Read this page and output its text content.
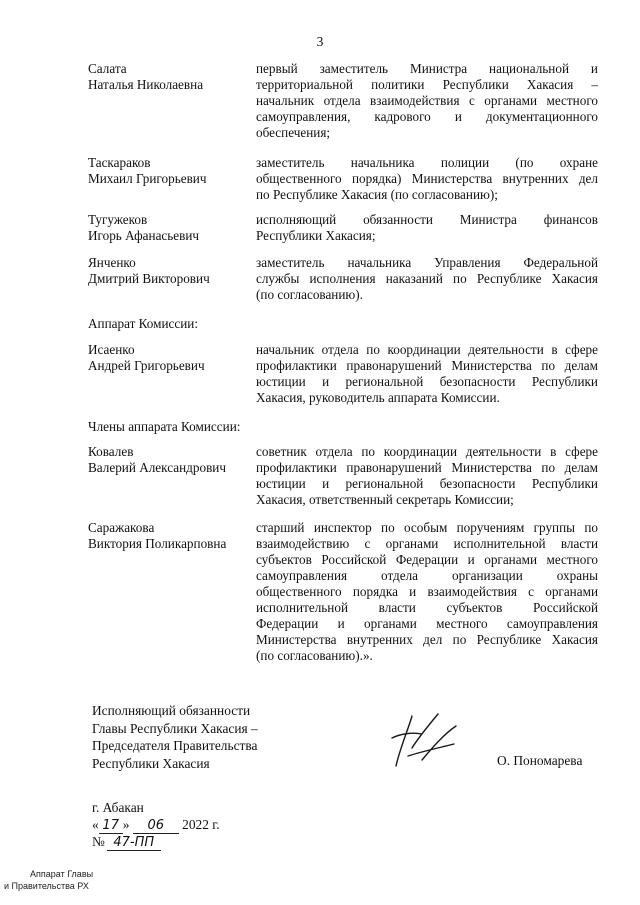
3
Салата
Наталья Николаевна
первый заместитель Министра национальной и
территориальной политики Республики Хакасия –
начальник отдела взаимодействия с органами местного
самоуправления, кадрового и документационного
обеспечения;
Таскараков
Михаил Григорьевич
заместитель начальника полиции (по охране
общественного порядка) Министерства внутренних дел
по Республике Хакасия (по согласованию);
Тугужеков
Игорь Афанасьевич
исполняющий обязанности Министра финансов
Республики Хакасия;
Янченко
Дмитрий Викторович
заместитель начальника Управления Федеральной
службы исполнения наказаний по Республике Хакасия
(по согласованию).
Аппарат Комиссии:
Исаенко
Андрей Григорьевич
начальник отдела по координации деятельности в сфере
профилактики правонарушений Министерства по делам
юстиции и региональной безопасности Республики
Хакасия, руководитель аппарата Комиссии.
Члены аппарата Комиссии:
Ковалев
Валерий Александрович
советник отдела по координации деятельности в сфере
профилактики правонарушений Министерства по делам
юстиции и региональной безопасности Республики
Хакасия, ответственный секретарь Комиссии;
Саражакова
Виктория Поликарповна
старший инспектор по особым поручениям группы по
взаимодействию с органами исполнительной власти
субъектов Российской Федерации и органами местного
самоуправления отдела организации охраны
общественного порядка и взаимодействия с органами
исполнительной власти субъектов Российской
Федерации и органами местного самоуправления
Министерства внутренних дел по Республике Хакасия
(по согласованию).».
Исполняющий обязанности
Главы Республики Хакасия –
Председателя Правительства
Республики Хакасия	О. Пономарева
г. Абакан
« 17 » 06 2022 г.
№ 47-ПП
Аппарат Главы
и Правительства РХ
